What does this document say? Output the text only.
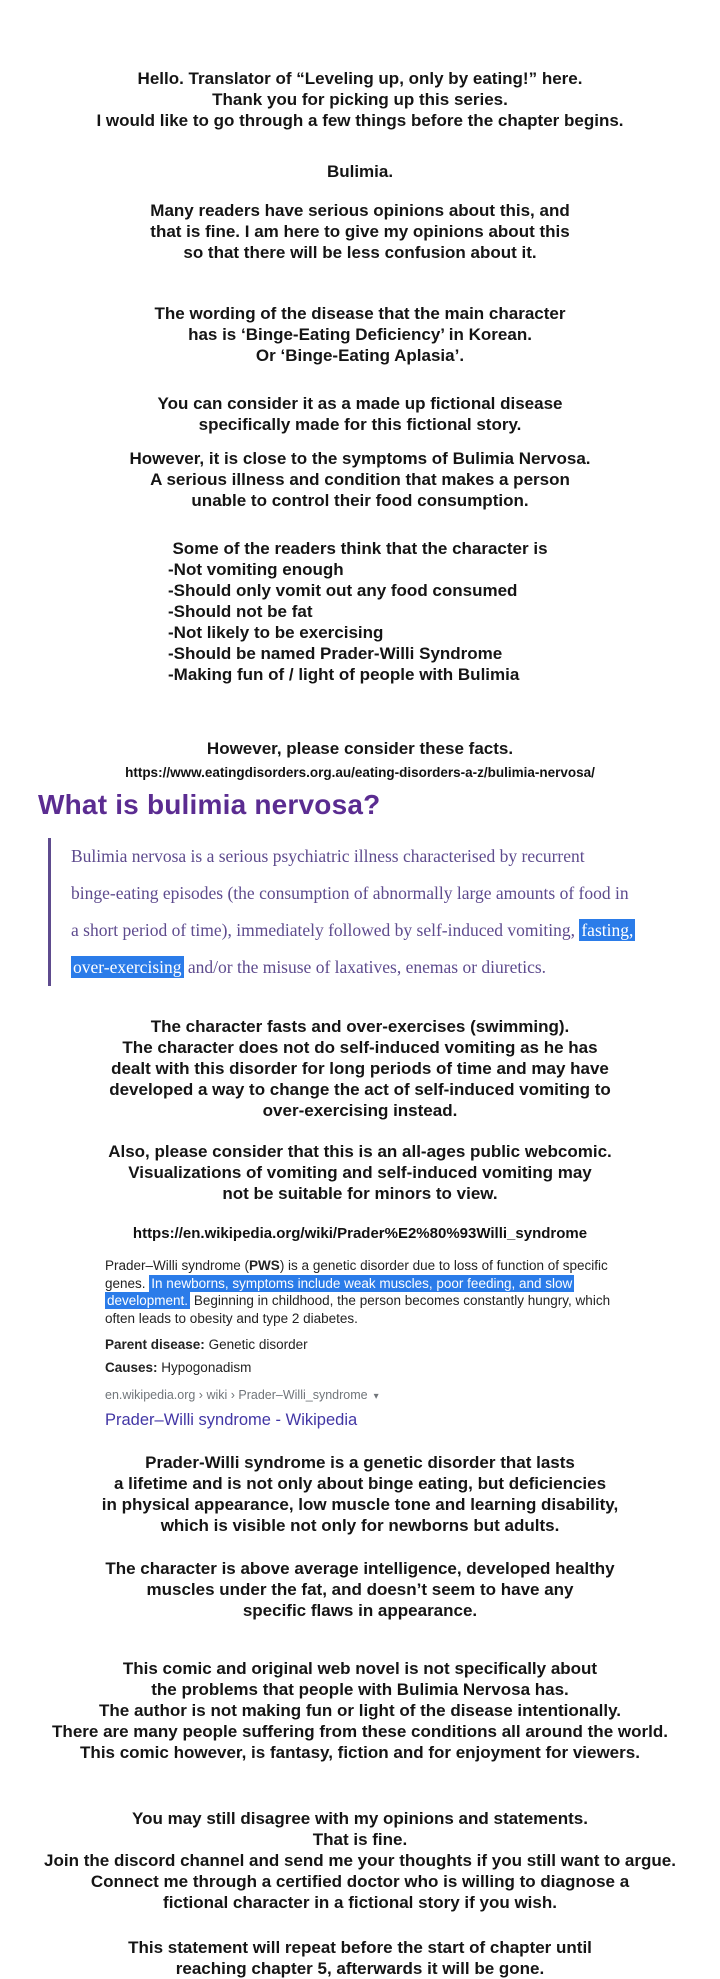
Hello. Translator of “Leveling up, only by eating!” here.
Thank you for picking up this series.
I would like to go through a few things before the chapter begins.
Bulimia.
Many readers have serious opinions about this, and
that is fine. I am here to give my opinions about this
so that there will be less confusion about it.
The wording of the disease that the main character
has is ‘Binge-Eating Deficiency’ in Korean.
Or ‘Binge-Eating Aplasia’.
You can consider it as a made up fictional disease
specifically made for this fictional story.
However, it is close to the symptoms of Bulimia Nervosa.
A serious illness and condition that makes a person
unable to control their food consumption.
Some of the readers think that the character is
-Not vomiting enough
-Should only vomit out any food consumed
-Should not be fat
-Not likely to be exercising
-Should be named Prader-Willi Syndrome
-Making fun of / light of people with Bulimia
However, please consider these facts.
https://www.eatingdisorders.org.au/eating-disorders-a-z/bulimia-nervosa/
What is bulimia nervosa?
Bulimia nervosa is a serious psychiatric illness characterised by recurrent
binge-eating episodes (the consumption of abnormally large amounts of food in
a short period of time), immediately followed by self-induced vomiting, fasting,
over-exercising and/or the misuse of laxatives, enemas or diuretics.
The character fasts and over-exercises (swimming).
The character does not do self-induced vomiting as he has
dealt with this disorder for long periods of time and may have
developed a way to change the act of self-induced vomiting to
over-exercising instead.
Also, please consider that this is an all-ages public webcomic.
Visualizations of vomiting and self-induced vomiting may
not be suitable for minors to view.
https://en.wikipedia.org/wiki/Prader%E2%80%93Willi_syndrome
Prader–Willi syndrome (PWS) is a genetic disorder due to loss of function of specific
genes. In newborns, symptoms include weak muscles, poor feeding, and slow
development. Beginning in childhood, the person becomes constantly hungry, which
often leads to obesity and type 2 diabetes.
Parent disease: Genetic disorder
Causes: Hypogonadism
en.wikipedia.org › wiki › Prader–Willi_syndrome ▾
Prader–Willi syndrome - Wikipedia
Prader-Willi syndrome is a genetic disorder that lasts
a lifetime and is not only about binge eating, but deficiencies
in physical appearance, low muscle tone and learning disability,
which is visible not only for newborns but adults.
The character is above average intelligence, developed healthy
muscles under the fat, and doesn’t seem to have any
specific flaws in appearance.
This comic and original web novel is not specifically about
the problems that people with Bulimia Nervosa has.
The author is not making fun or light of the disease intentionally.
There are many people suffering from these conditions all around the world.
This comic however, is fantasy, fiction and for enjoyment for viewers.
You may still disagree with my opinions and statements.
That is fine.
Join the discord channel and send me your thoughts if you still want to argue.
Connect me through a certified doctor who is willing to diagnose a
fictional character in a fictional story if you wish.
This statement will repeat before the start of chapter until
reaching chapter 5, afterwards it will be gone.
